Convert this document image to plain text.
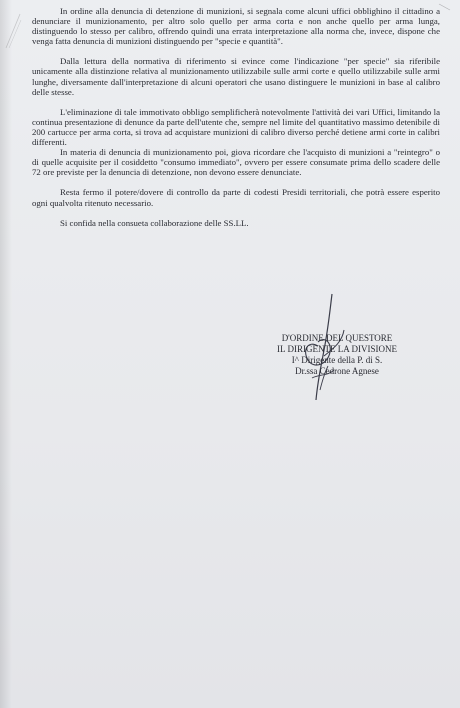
In ordine alla denuncia di detenzione di munizioni, si segnala come alcuni uffici obblighino il cittadino a denunciare il munizionamento, per altro solo quello per arma corta e non anche quello per arma lunga, distinguendo lo stesso per calibro, offrendo quindi una errata interpretazione alla norma che, invece, dispone che venga fatta denuncia di munizioni distinguendo per "specie e quantità".

Dalla lettura della normativa di riferimento si evince come l'indicazione "per specie" sia riferibile unicamente alla distinzione relativa al munizionamento utilizzabile sulle armi corte e quello utilizzabile sulle armi lunghe, diversamente dall'interpretazione di alcuni operatori che usano distinguere le munizioni in base al calibro delle stesse.

L'eliminazione di tale immotivato obbligo semplificherà notevolmente l'attività dei vari Uffici, limitando la continua presentazione di denunce da parte dell'utente che, sempre nel limite del quantitativo massimo detenibile di 200 cartucce per arma corta, si trova ad acquistare munizioni di calibro diverso perché detiene armi corte in calibri differenti.

In materia di denuncia di munizionamento poi, giova ricordare che l'acquisto di munizioni a "reintegro" o di quelle acquisite per il cosiddetto "consumo immediato", ovvero per essere consumate prima dello scadere delle 72 ore previste per la denuncia di detenzione, non devono essere denunciate.

Resta fermo il potere/dovere di controllo da parte di codesti Presidi territoriali, che potrà essere esperito ogni qualvolta ritenuto necessario.

Si confida nella consueta collaborazione delle SS.LL.

D'ORDINE DEL QUESTORE
IL DIRIGENTE LA DIVISIONE
I^ Dirigente della P. di S.
Dr.ssa Cedrone Agnese
